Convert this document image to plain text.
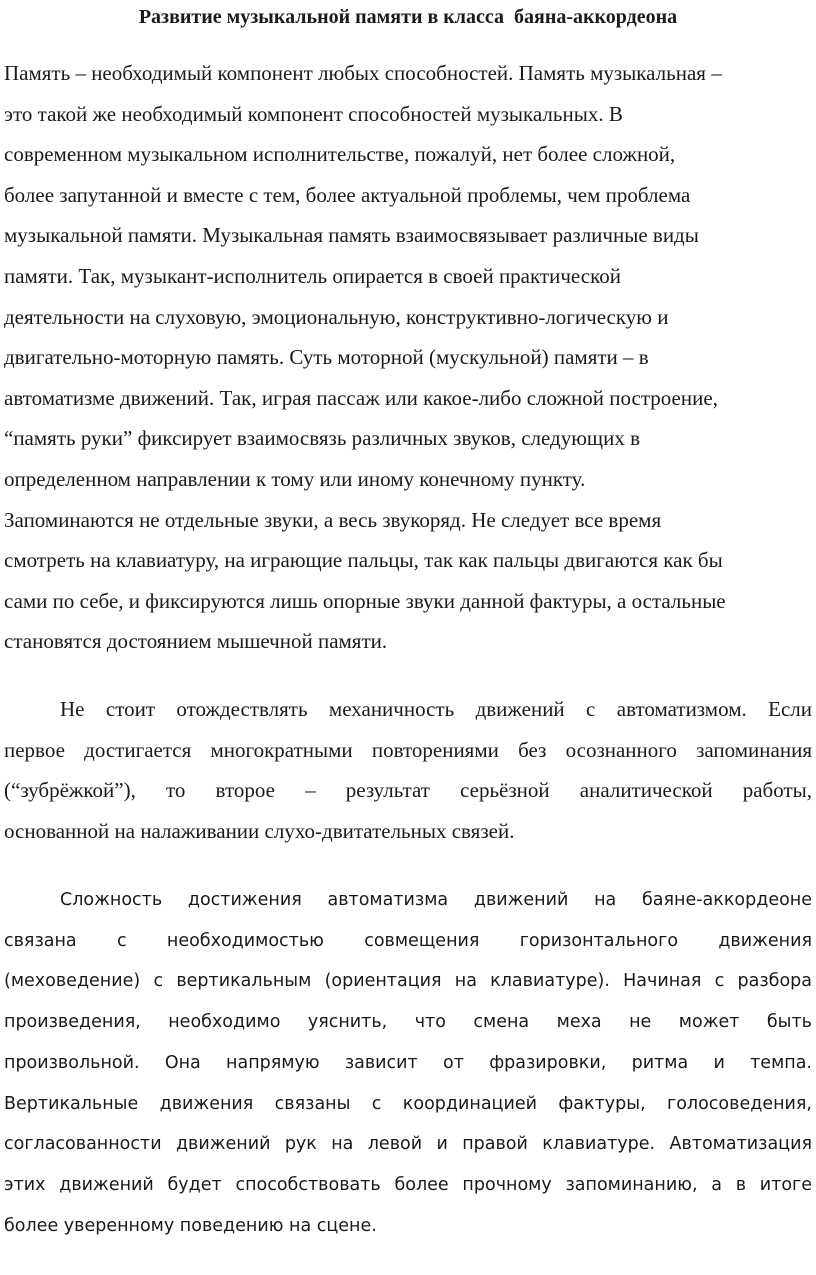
Развитие музыкальной памяти в класса  баяна-аккордеона
Память – необходимый компонент любых способностей. Память музыкальная –
это такой же необходимый компонент способностей музыкальных. В
современном музыкальном исполнительстве, пожалуй, нет более сложной,
более запутанной и вместе с тем, более актуальной проблемы, чем проблема
музыкальной памяти. Музыкальная память взаимосвязывает различные виды
памяти. Так, музыкант-исполнитель опирается в своей практической
деятельности на слуховую, эмоциональную, конструктивно-логическую и
двигательно-моторную память. Суть моторной (мускульной) памяти – в
автоматизме движений. Так, играя пассаж или какое-либо сложной построение,
“память руки” фиксирует взаимосвязь различных звуков, следующих в
определенном направлении к тому или иному конечному пункту.
Запоминаются не отдельные звуки, а весь звукоряд. Не следует все время
смотреть на клавиатуру, на играющие пальцы, так как пальцы двигаются как бы
сами по себе, и фиксируются лишь опорные звуки данной фактуры, а остальные
становятся достоянием мышечной памяти.
Не стоит отождествлять механичность движений с автоматизмом. Если
первое достигается многократными повторениями без осознанного запоминания
(“зубрёжкой”), то второе – результат серьёзной аналитической работы,
основанной на налаживании слухо-двитательных связей.
Сложность достижения автоматизма движений на баяне-аккордеоне
связана с необходимостью совмещения горизонтального движения
(меховедение) с вертикальным (ориентация на клавиатуре). Начиная с разбора
произведения, необходимо уяснить, что смена меха не может быть
произвольной. Она напрямую зависит от фразировки, ритма и темпа.
Вертикальные движения связаны с координацией фактуры, голосоведения,
согласованности движений рук на левой и правой клавиатуре. Автоматизация
этих движений будет способствовать более прочному запоминанию, а в итоге
более уверенному поведению на сцене.
